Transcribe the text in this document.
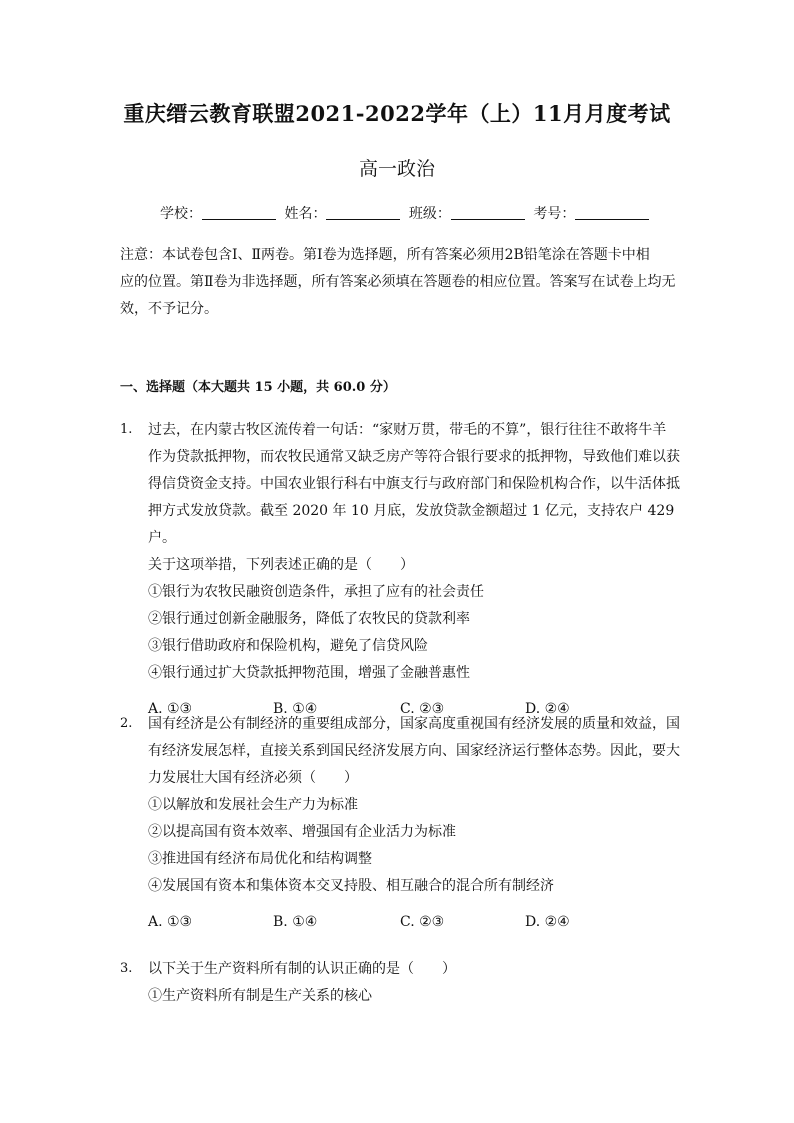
重庆缙云教育联盟2021-2022学年（上）11月月度考试
高一政治
学校：	姓名：	班级：	考号：
注意：本试卷包含Ⅰ、Ⅱ两卷。第Ⅰ卷为选择题，所有答案必须用2B铅笔涂在答题卡中相
应的位置。第Ⅱ卷为非选择题，所有答案必须填在答题卷的相应位置。答案写在试卷上均无
效，不予记分。
一、选择题（本大题共 15 小题，共 60.0 分）
1. 过去，在内蒙古牧区流传着一句话：“家财万贯，带毛的不算”，银行往往不敢将牛羊

作为贷款抵押物，而农牧民通常又缺乏房产等符合银行要求的抵押物，导致他们难以获

得信贷资金支持。中国农业银行科右中旗支行与政府部门和保险机构合作，以牛活体抵

押方式发放贷款。截至 2020 年 10 月底，发放贷款金额超过 1 亿元，支持农户 429 户。

关于这项举措，下列表述正确的是（　　）

①银行为农牧民融资创造条件，承担了应有的社会责任

②银行通过创新金融服务，降低了农牧民的贷款利率

③银行借助政府和保险机构，避免了信贷风险

④银行通过扩大贷款抵押物范围，增强了金融普惠性

A. ①③	B. ①④	C. ②③	D. ②④
2. 国有经济是公有制经济的重要组成部分，国家高度重视国有经济发展的质量和效益，国

有经济发展怎样，直接关系到国民经济发展方向、国家经济运行整体态势。因此，要大

力发展壮大国有经济必须（　　）

①以解放和发展社会生产力为标准

②以提高国有资本效率、增强国有企业活力为标准

③推进国有经济布局优化和结构调整

④发展国有资本和集体资本交叉持股、相互融合的混合所有制经济

A. ①③	B. ①④	C. ②③	D. ②④
3. 以下关于生产资料所有制的认识正确的是（　　）

①生产资料所有制是生产关系的核心
